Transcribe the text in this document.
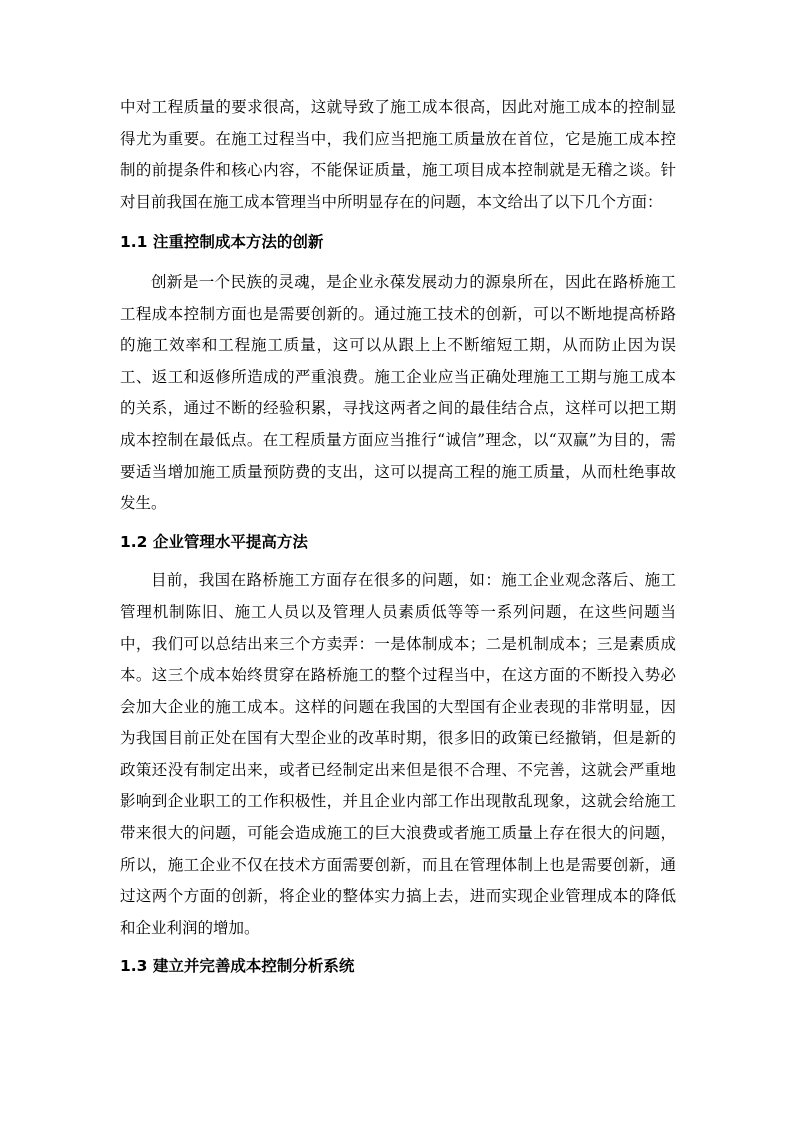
中对工程质量的要求很高，这就导致了施工成本很高，因此对施工成本的控制显得尤为重要。在施工过程当中，我们应当把施工质量放在首位，它是施工成本控制的前提条件和核心内容，不能保证质量，施工项目成本控制就是无稽之谈。针对目前我国在施工成本管理当中所明显存在的问题，本文给出了以下几个方面：

1.1 注重控制成本方法的创新

创新是一个民族的灵魂，是企业永葆发展动力的源泉所在，因此在路桥施工工程成本控制方面也是需要创新的。通过施工技术的创新，可以不断地提高桥路的施工效率和工程施工质量，这可以从跟上上不断缩短工期，从而防止因为误工、返工和返修所造成的严重浪费。施工企业应当正确处理施工工期与施工成本的关系，通过不断的经验积累，寻找这两者之间的最佳结合点，这样可以把工期成本控制在最低点。在工程质量方面应当推行“诚信”理念，以“双赢”为目的，需要适当增加施工质量预防费的支出，这可以提高工程的施工质量，从而杜绝事故发生。

1.2 企业管理水平提高方法

目前，我国在路桥施工方面存在很多的问题，如：施工企业观念落后、施工管理机制陈旧、施工人员以及管理人员素质低等等一系列问题，在这些问题当中，我们可以总结出来三个方卖弄：一是体制成本；二是机制成本；三是素质成本。这三个成本始终贯穿在路桥施工的整个过程当中，在这方面的不断投入势必会加大企业的施工成本。这样的问题在我国的大型国有企业表现的非常明显，因为我国目前正处在国有大型企业的改革时期，很多旧的政策已经撤销，但是新的政策还没有制定出来，或者已经制定出来但是很不合理、不完善，这就会严重地影响到企业职工的工作积极性，并且企业内部工作出现散乱现象，这就会给施工带来很大的问题，可能会造成施工的巨大浪费或者施工质量上存在很大的问题，所以，施工企业不仅在技术方面需要创新，而且在管理体制上也是需要创新，通过这两个方面的创新，将企业的整体实力搞上去，进而实现企业管理成本的降低和企业利润的增加。

1.3 建立并完善成本控制分析系统
